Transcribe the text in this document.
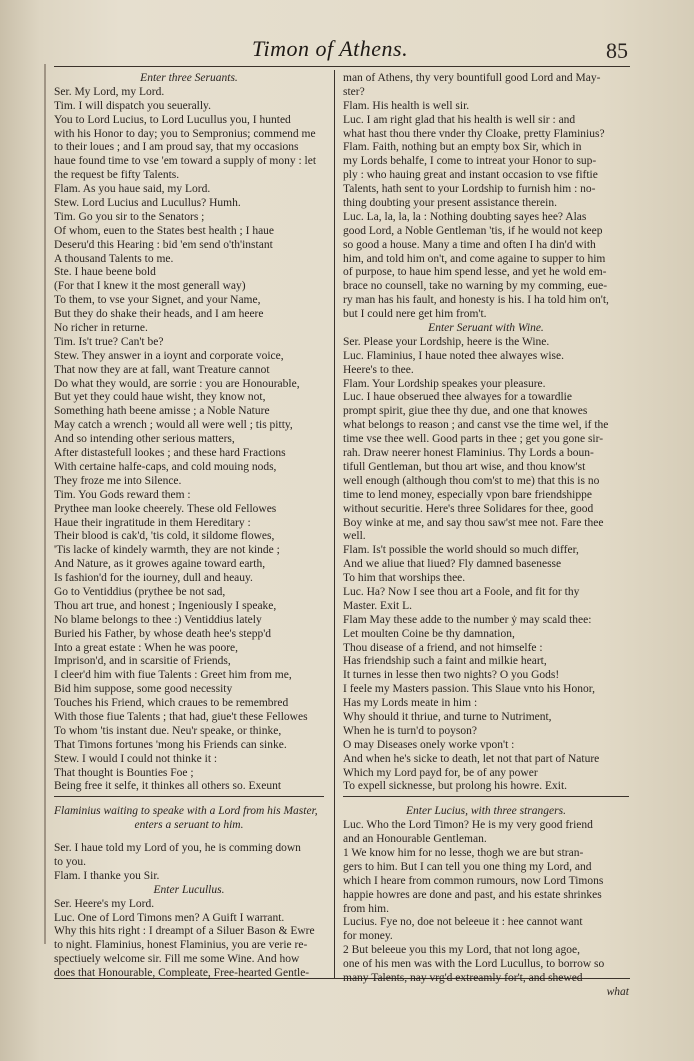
Timon of Athens.	85
Enter three Seruants.
Ser. My Lord, my Lord.
Tim. I will dispatch you seuerally.
You to Lord Lucius, to Lord Lucullus you, I hunted
with his Honor to day; you to Sempronius; commend me
to their loues ; and I am proud say, that my occasions
haue found time to vse 'em toward a supply of mony : let
the request be fifty Talents.
Flam. As you haue said, my Lord.
Stew. Lord Lucius and Lucullus? Humh.
Tim. Go you sir to the Senators ;
Of whom, euen to the States best health ; I haue
Deseru'd this Hearing : bid 'em send o'th'instant
A thousand Talents to me.
Ste. I haue beene bold
(For that I knew it the most generall way)
To them, to vse your Signet, and your Name,
But they do shake their heads, and I am heere
No richer in returne.
Tim. Is't true? Can't be?
Stew. They answer in a ioynt and corporate voice,
That now they are at fall, want Treature cannot
Do what they would, are sorrie : you are Honourable,
But yet they could haue wisht, they know not,
Something hath beene amisse ; a Noble Nature
May catch a wrench ; would all were well ; tis pitty,
And so intending other serious matters,
After distastefull lookes ; and these hard Fractions
With certaine halfe-caps, and cold mouing nods,
They froze me into Silence.
Tim. You Gods reward them :
Prythee man looke cheerely. These old Fellowes
Haue their ingratitude in them Hereditary :
Their blood is cak'd, 'tis cold, it sildome flowes,
'Tis lacke of kindely warmth, they are not kinde ;
And Nature, as it growes againe toward earth,
Is fashion'd for the iourney, dull and heauy.
Go to Ventiddius (prythee be not sad,
Thou art true, and honest ; Ingeniously I speake,
No blame belongs to thee :) Ventiddius lately
Buried his Father, by whose death hee's stepp'd
Into a great estate : When he was poore,
Imprison'd, and in scarsitie of Friends,
I cleer'd him with fiue Talents : Greet him from me,
Bid him suppose, some good necessity
Touches his Friend, which craues to be remembred
With those fiue Talents ; that had, giue't these Fellowes
To whom 'tis instant due. Neu'r speake, or thinke,
That Timons fortunes 'mong his Friends can sinke.
Stew. I would I could not thinke it :
That thought is Bounties Foe ;
Being free it selfe, it thinkes all others so. Exeunt
Flaminius waiting to speake with a Lord from his Master,
enters a seruant to him.
Ser. I haue told my Lord of you, he is comming down
to you.
Flam. I thanke you Sir.
Enter Lucullus.
Ser. Heere's my Lord.
Luc. One of Lord Timons men? A Guift I warrant.
Why this hits right : I dreampt of a Siluer Bason & Ewre
to night. Flaminius, honest Flaminius, you are verie re-
spectiuely welcome sir. Fill me some Wine. And how
does that Honourable, Compleate, Free-hearted Gentle-
man of Athens, thy very bountifull good Lord and May-
ster?
Flam. His health is well sir.
Luc. I am right glad that his health is well sir : and
what hast thou there vnder thy Cloake, pretty Flaminius?
Flam. Faith, nothing but an empty box Sir, which in
my Lords behalfe, I come to intreat your Honor to sup-
ply : who hauing great and instant occasion to vse fiftie
Talents, hath sent to your Lordship to furnish him : no-
thing doubting your present assistance therein.
Luc. La, la, la, la : Nothing doubting sayes hee? Alas
good Lord, a Noble Gentleman 'tis, if he would not keep
so good a house. Many a time and often I ha din'd with
him, and told him on't, and come againe to supper to him
of purpose, to haue him spend lesse, and yet he wold em-
brace no counsell, take no warning by my comming, eue-
ry man has his fault, and honesty is his. I ha told him on't,
but I could nere get him from't.
Enter Seruant with Wine.
Ser. Please your Lordship, heere is the Wine.
Luc. Flaminius, I haue noted thee alwayes wise.
Heere's to thee.
Flam. Your Lordship speakes your pleasure.
Luc. I haue obserued thee alwayes for a towardlie
prompt spirit, giue thee thy due, and one that knowes
what belongs to reason ; and canst vse the time wel, if the
time vse thee well. Good parts in thee ; get you gone sir-
rah. Draw neerer honest Flaminius. Thy Lords a boun-
tifull Gentleman, but thou art wise, and thou know'st
well enough (although thou com'st to me) that this is no
time to lend money, especially vpon bare friendshippe
without securitie. Here's three Solidares for thee, good
Boy winke at me, and say thou saw'st mee not. Fare thee
well.
Flam. Is't possible the world should so much differ,
And we aliue that liued? Fly damned basenesse
To him that worships thee.
Luc. Ha? Now I see thou art a Foole, and fit for thy
Master. Exit L.
Flam May these adde to the number ẏ may scald thee:
Let moulten Coine be thy damnation,
Thou disease of a friend, and not himselfe :
Has friendship such a faint and milkie heart,
It turnes in lesse then two nights? O you Gods!
I feele my Masters passion. This Slaue vnto his Honor,
Has my Lords meate in him :
Why should it thriue, and turne to Nutriment,
When he is turn'd to poyson?
O may Diseases onely worke vpon't :
And when he's sicke to death, let not that part of Nature
Which my Lord payd for, be of any power
To expell sicknesse, but prolong his howre. Exit.
Enter Lucius, with three strangers.
Luc. Who the Lord Timon? He is my very good friend
and an Honourable Gentleman.
1 We know him for no lesse, thogh we are but stran-
gers to him. But I can tell you one thing my Lord, and
which I heare from common rumours, now Lord Timons
happie howres are done and past, and his estate shrinkes
from him.
Lucius. Fye no, doe not beleeue it : hee cannot want
for money.
2 But beleeue you this my Lord, that not long agoe,
one of his men was with the Lord Lucullus, to borrow so
many Talents, nay vrg'd extreamly for't, and shewed
what
